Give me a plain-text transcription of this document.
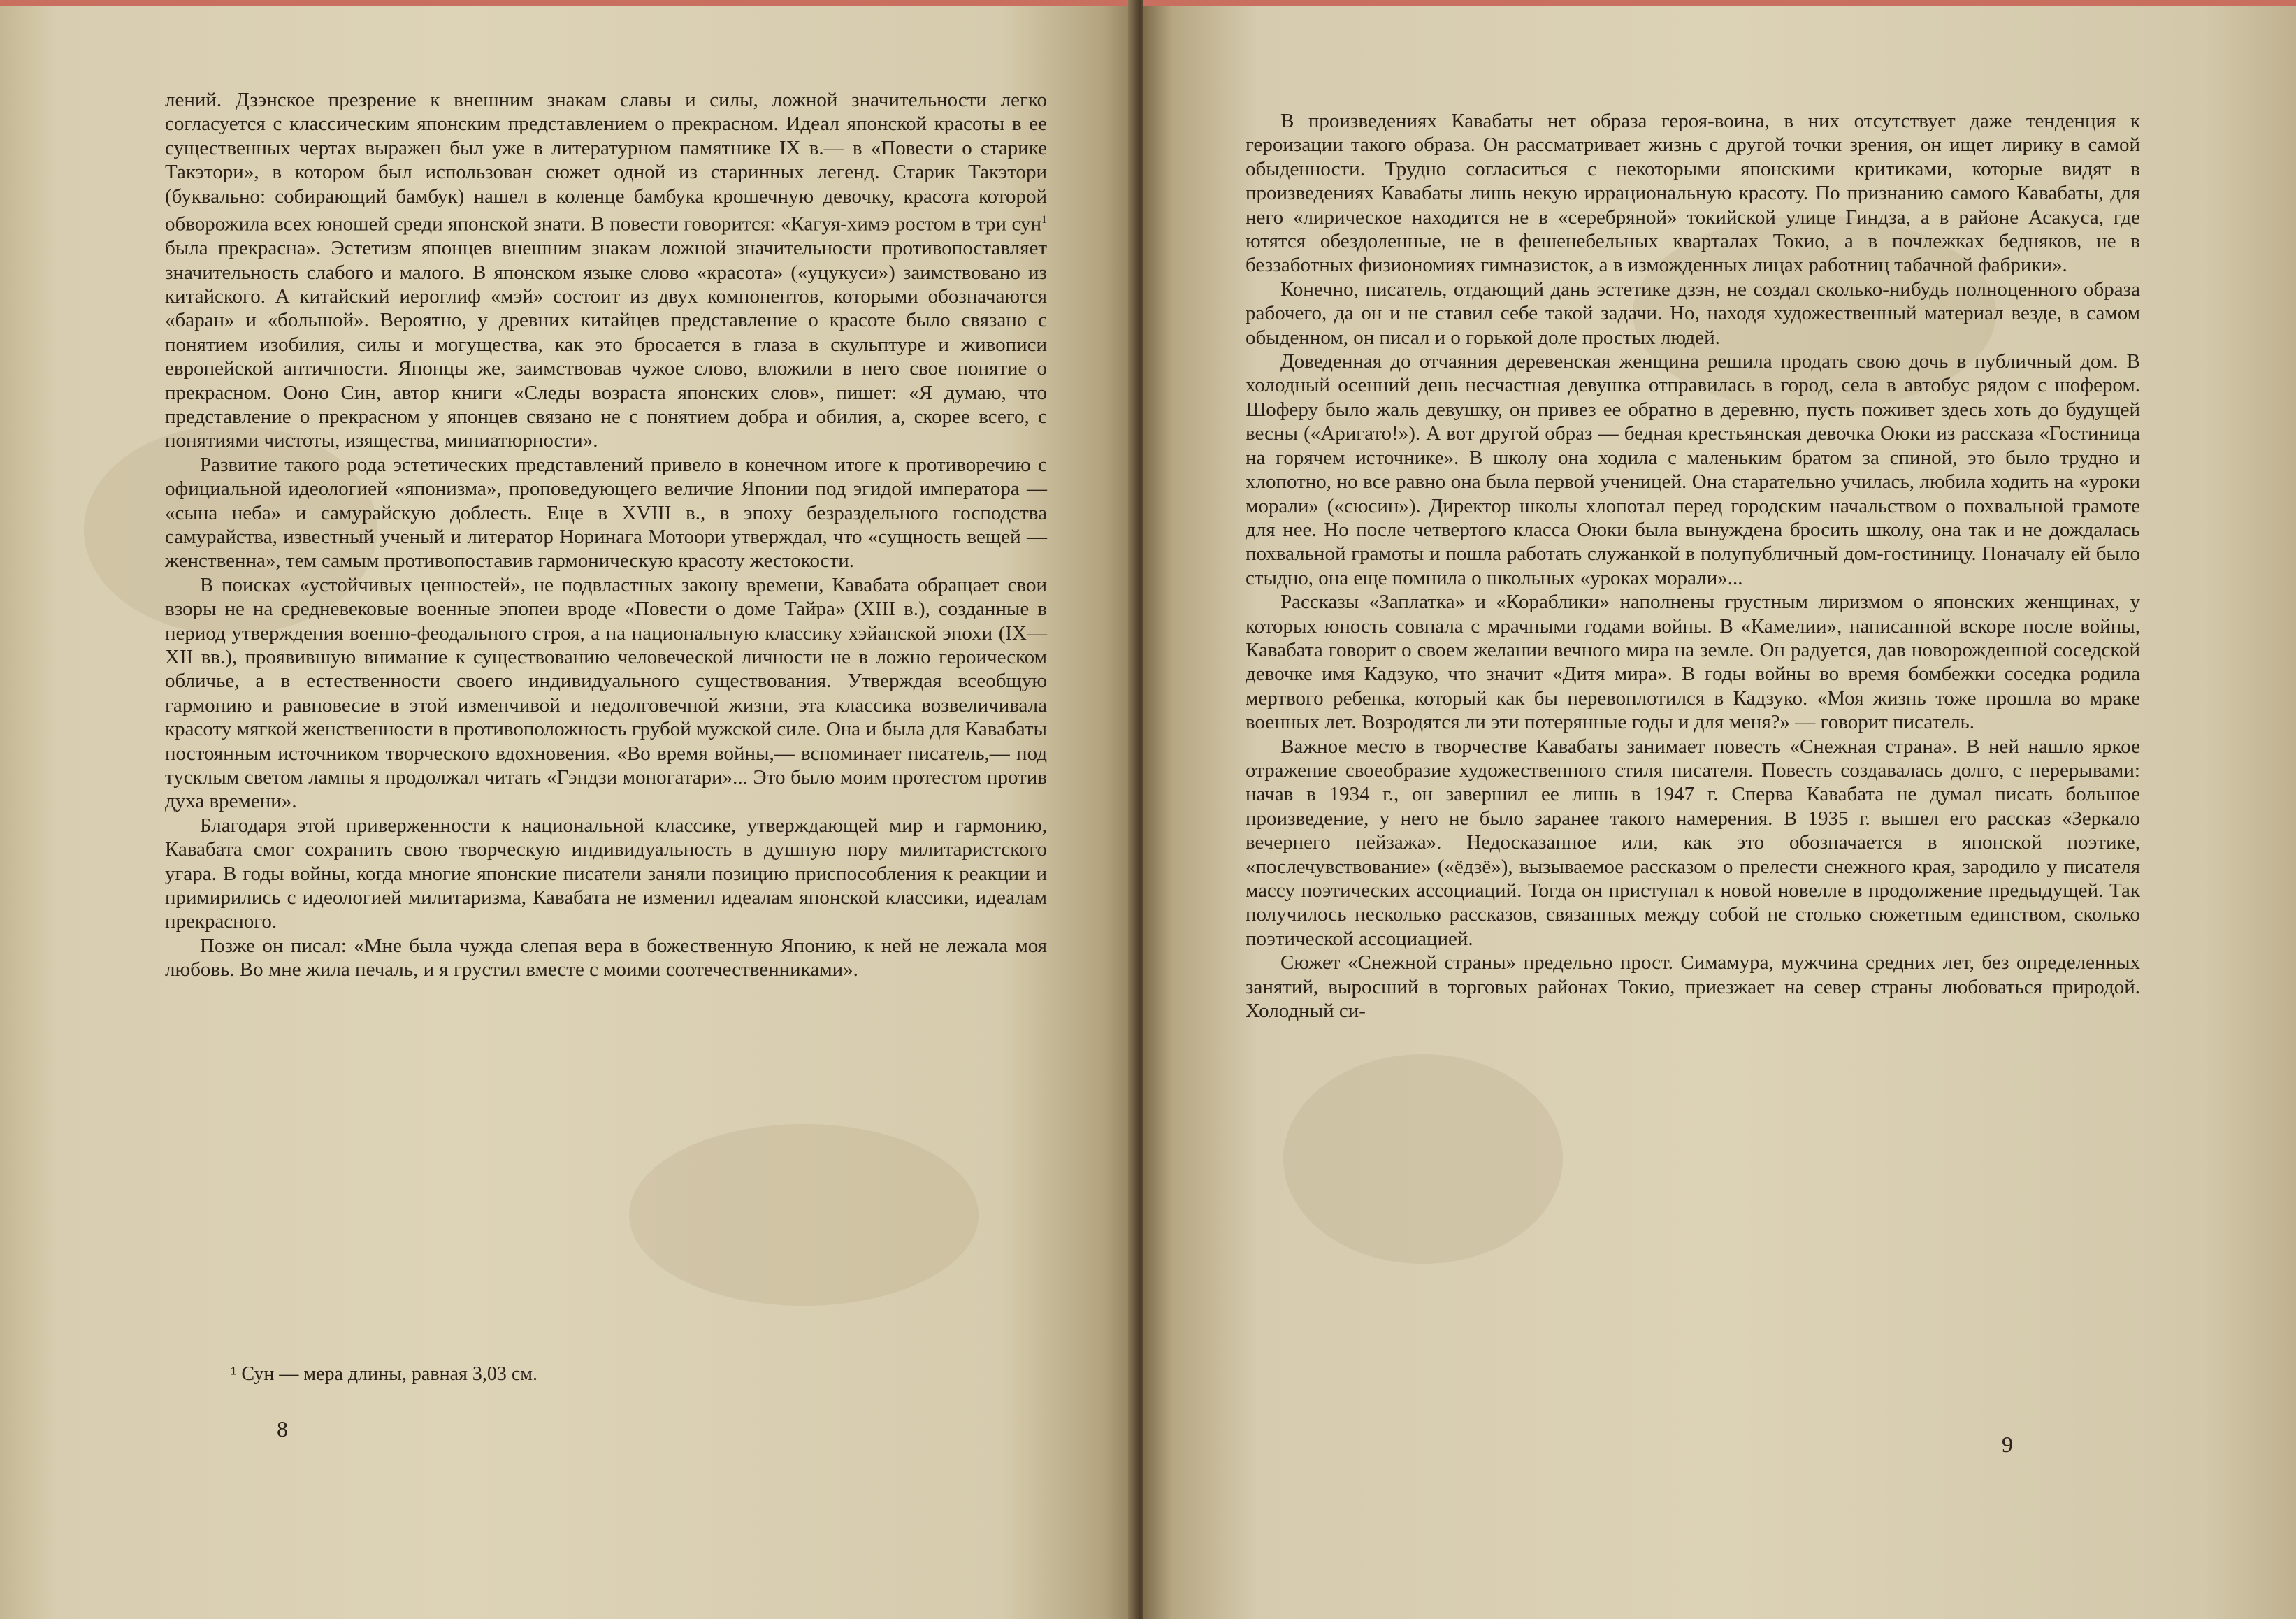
лений. Дзэнское презрение к внешним знакам славы и силы, ложной значительности легко согласуется с классическим японским представлением о прекрасном. Идеал японской красоты в ее существенных чертах выражен был уже в литературном памятнике IX в.— в «Повести о старике Такэтори», в котором был использован сюжет одной из старинных легенд. Старик Такэтори (буквально: собирающий бамбук) нашел в коленце бамбука крошечную девочку, красота которой обворожила всех юношей среди японской знати. В повести говорится: «Кагуя-химэ ростом в три сун$^1$ была прекрасна». Эстетизм японцев внешним знакам ложной значительности противопоставляет значительность слабого и малого. В японском языке слово «красота» («уцукуси») заимствовано из китайского. А китайский иероглиф «мэй» состоит из двух компонентов, которыми обозначаются «баран» и «большой». Вероятно, у древних китайцев представление о красоте было связано с понятием изобилия, силы и могущества, как это бросается в глаза в скульптуре и живописи европейской античности. Японцы же, заимствовав чужое слово, вложили в него свое понятие о прекрасном. Ооно Син, автор книги «Следы возраста японских слов», пишет: «Я думаю, что представление о прекрасном у японцев связано не с понятием добра и обилия, а, скорее всего, с понятиями чистоты, изящества, миниатюрности».

Развитие такого рода эстетических представлений привело в конечном итоге к противоречию с официальной идеологией «японизма», проповедующего величие Японии под эгидой императора — «сына неба» и самурайскую доблесть. Еще в XVIII в., в эпоху безраздельного господства самурайства, известный ученый и литератор Норинага Мотоори утверждал, что «сущность вещей — женственна», тем самым противопоставив гармоническую красоту жестокости.

В поисках «устойчивых ценностей», не подвластных закону времени, Кавабата обращает свои взоры не на средневековые военные эпопеи вроде «Повести о доме Тайра» (XIII в.), созданные в период утверждения военно-феодального строя, а на национальную классику хэйанской эпохи (IX—XII вв.), проявившую внимание к существованию человеческой личности не в ложно героическом обличье, а в естественности своего индивидуального существования. Утверждая всеобщую гармонию и равновесие в этой изменчивой и недолговечной жизни, эта классика возвеличивала красоту мягкой женственности в противоположность грубой мужской силе. Она и была для Кавабаты постоянным источником творческого вдохновения. «Во время войны,— вспоминает писатель,— под тусклым светом лампы я продолжал читать «Гэндзи моногатари»... Это было моим протестом против духа времени».

Благодаря этой приверженности к национальной классике, утверждающей мир и гармонию, Кавабата смог сохранить свою творческую индивидуальность в душную пору милитаристского угара. В годы войны, когда многие японские писатели заняли позицию приспособления к реакции и примирились с идеологией милитаризма, Кавабата не изменил идеалам японской классики, идеалам прекрасного.

Позже он писал: «Мне была чужда слепая вера в божественную Японию, к ней не лежала моя любовь. Во мне жила печаль, и я грустил вместе с моими соотечественниками».

¹ Сун — мера длины, равная 3,03 см.
8

В произведениях Кавабаты нет образа героя-воина, в них отсутствует даже тенденция к героизации такого образа. Он рассматривает жизнь с другой точки зрения, он ищет лирику в самой обыденности. Трудно согласиться с некоторыми японскими критиками, которые видят в произведениях Кавабаты лишь некую иррациональную красоту. По признанию самого Кавабаты, для него «лирическое находится не в «серебряной» токийской улице Гиндза, а в районе Асакуса, где ютятся обездоленные, не в фешенебельных кварталах Токио, а в почлежках бедняков, не в беззаботных физиономиях гимназисток, а в изможденных лицах работниц табачной фабрики».

Конечно, писатель, отдающий дань эстетике дзэн, не создал сколько-нибудь полноценного образа рабочего, да он и не ставил себе такой задачи. Но, находя художественный материал везде, в самом обыденном, он писал и о горькой доле простых людей.

Доведенная до отчаяния деревенская женщина решила продать свою дочь в публичный дом. В холодный осенний день несчастная девушка отправилась в город, села в автобус рядом с шофером. Шоферу было жаль девушку, он привез ее обратно в деревню, пусть поживет здесь хоть до будущей весны («Аригато!»). А вот другой образ — бедная крестьянская девочка Оюки из рассказа «Гостиница на горячем источнике». В школу она ходила с маленьким братом за спиной, это было трудно и хлопотно, но все равно она была первой ученицей. Она старательно училась, любила ходить на «уроки морали» («сюсин»). Директор школы хлопотал перед городским начальством о похвальной грамоте для нее. Но после четвертого класса Оюки была вынуждена бросить школу, она так и не дождалась похвальной грамоты и пошла работать служанкой в полупубличный дом-гостиницу. Поначалу ей было стыдно, она еще помнила о школьных «уроках морали»...

Рассказы «Заплатка» и «Кораблики» наполнены грустным лиризмом о японских женщинах, у которых юность совпала с мрачными годами войны. В «Камелии», написанной вскоре после войны, Кавабата говорит о своем желании вечного мира на земле. Он радуется, дав новорожденной соседской девочке имя Кадзуко, что значит «Дитя мира». В годы войны во время бомбежки соседка родила мертвого ребенка, который как бы перевоплотился в Кадзуко. «Моя жизнь тоже прошла во мраке военных лет. Возродятся ли эти потерянные годы и для меня?» — говорит писатель.

Важное место в творчестве Кавабаты занимает повесть «Снежная страна». В ней нашло яркое отражение своеобразие художественного стиля писателя. Повесть создавалась долго, с перерывами: начав в 1934 г., он завершил ее лишь в 1947 г. Сперва Кавабата не думал писать большое произведение, у него не было заранее такого намерения. В 1935 г. вышел его рассказ «Зеркало вечернего пейзажа». Недосказанное или, как это обозначается в японской поэтике, «послечувствование» («ёдзё»), вызываемое рассказом о прелести снежного края, зародило у писателя массу поэтических ассоциаций. Тогда он приступал к новой новелле в продолжение предыдущей. Так получилось несколько рассказов, связанных между собой не столько сюжетным единством, сколько поэтической ассоциацией.

Сюжет «Снежной страны» предельно прост. Симамура, мужчина средних лет, без определенных занятий, выросший в торговых районах Токио, приезжает на север страны любоваться природой. Холодный си-

9
